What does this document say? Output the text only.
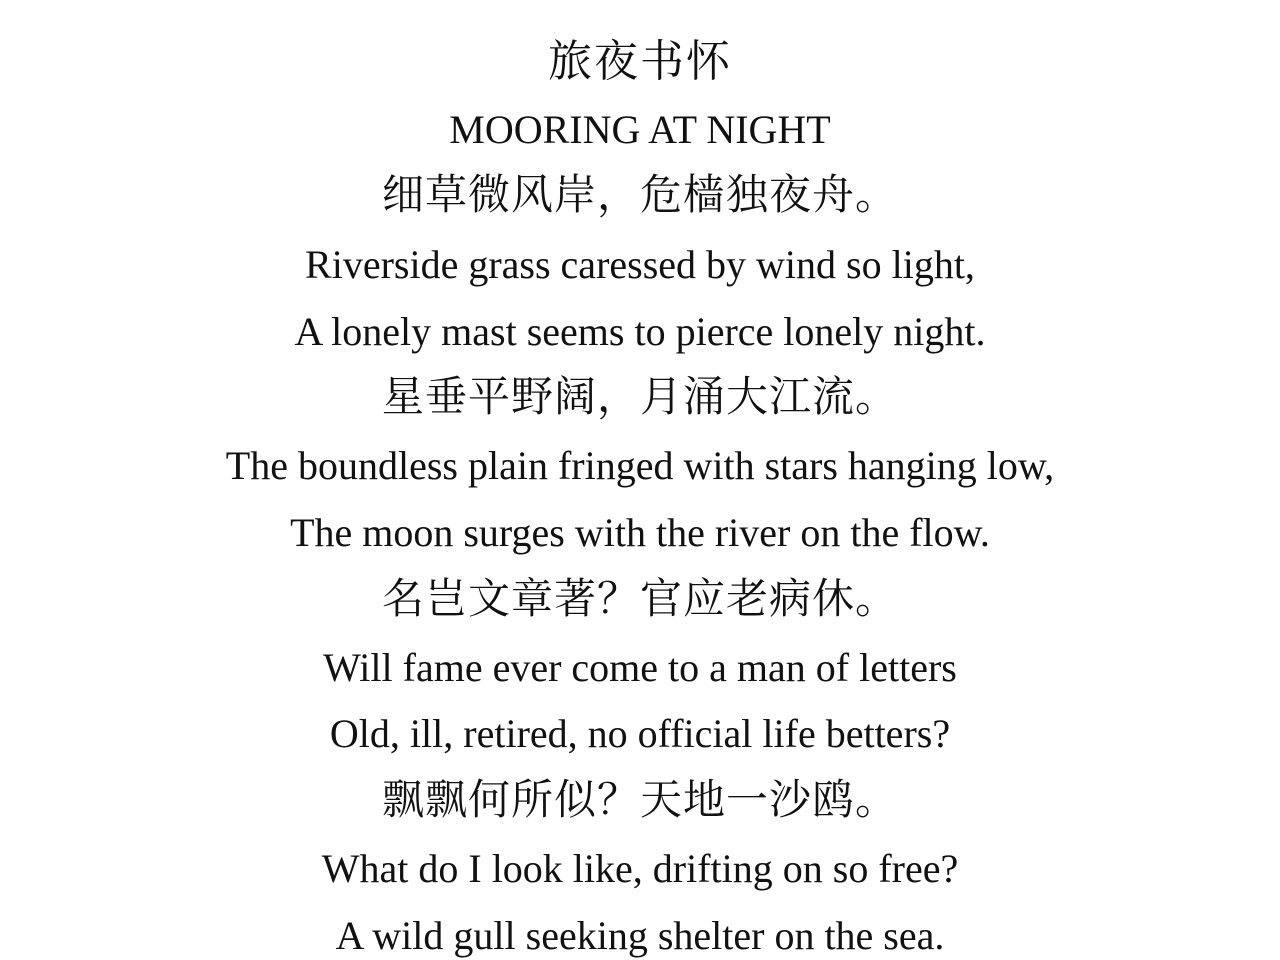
旅夜书怀
MOORING AT NIGHT
细草微风岸，危樯独夜舟。
Riverside grass caressed by wind so light,
A lonely mast seems to pierce lonely night.
星垂平野阔，月涌大江流。
The boundless plain fringed with stars hanging low,
The moon surges with the river on the flow.
名岂文章著？官应老病休。
Will fame ever come to a man of letters
Old, ill, retired, no official life betters?
飘飘何所似？天地一沙鸥。
What do I look like, drifting on so free?
A wild gull seeking shelter on the sea.
